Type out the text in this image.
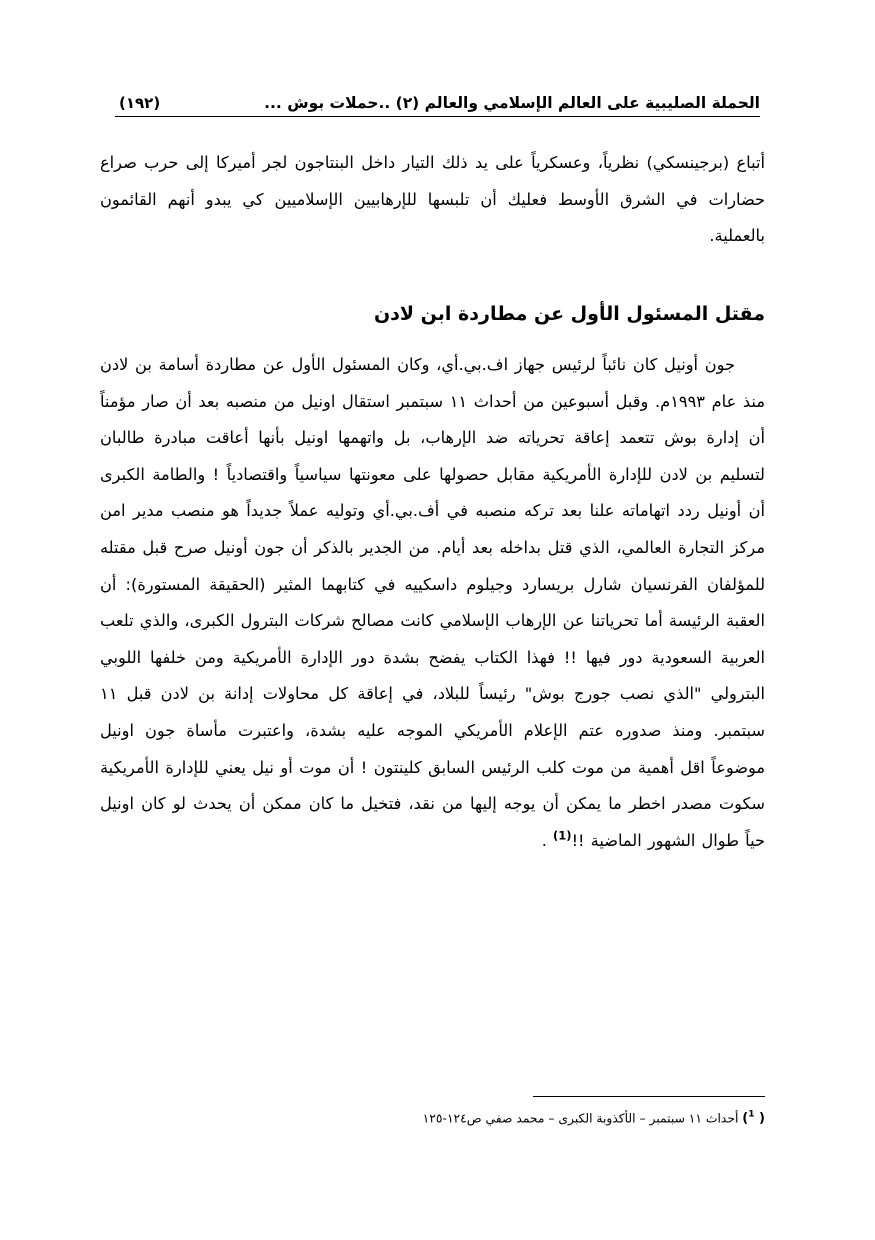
الحملة الصليبية على العالم الإسلامي والعالم (٢) ..حملات بوش ...
(١٩٢)

أتباع (برجينسكي) نظرياً، وعسكرياً على يد ذلك التيار داخل البنتاجون لجر أميركا إلى حرب صراع حضارات في الشرق الأوسط فعليك أن تلبسها للإرهابيين الإسلاميين كي يبدو أنهم القائمون بالعملية.

مقتل المسئول الأول عن مطاردة ابن لادن

جون أونيل كان نائباً لرئيس جهاز اف.بي.أي، وكان المسئول الأول عن مطاردة أسامة بن لادن منذ عام ١٩٩٣م. وقبل أسبوعين من أحداث ١١ سبتمبر استقال اونيل من منصبه بعد أن صار مؤمناً أن إدارة بوش تتعمد إعاقة تحرياته ضد الإرهاب، بل واتهمها اونيل بأنها أعاقت مبادرة طالبان لتسليم بن لادن للإدارة الأمريكية مقابل حصولها على معونتها سياسياً واقتصادياً ! والطامة الكبرى أن أونيل ردد اتهاماته علنا بعد تركه منصبه في أف.بي.أي وتوليه عملاً جديداً هو منصب مدير امن مركز التجارة العالمي، الذي قتل بداخله بعد أيام. من الجدير بالذكر أن جون أونيل صرح قبل مقتله للمؤلفان الفرنسيان شارل بريسارد وجيلوم داسكييه في كتابهما المثير (الحقيقة المستورة): أن العقبة الرئيسة أما تحرياتنا عن الإرهاب الإسلامي كانت مصالح شركات البترول الكبرى، والذي تلعب العربية السعودية دور فيها !! فهذا الكتاب يفضح بشدة دور الإدارة الأمريكية ومن خلفها اللوبي البترولي "الذي نصب جورج بوش" رئيساً للبلاد، في إعاقة كل محاولات إدانة بن لادن قبل ١١ سبتمبر. ومنذ صدوره عتم الإعلام الأمريكي الموجه عليه بشدة، واعتبرت مأساة جون اونيل موضوعاً اقل أهمية من موت كلب الرئيس السابق كلينتون ! أن موت أو نيل يعني للإدارة الأمريكية سكوت مصدر اخطر ما يمكن أن يوجه إليها من نقد، فتخيل ما كان ممكن أن يحدث لو كان اونيل حياً طوال الشهور الماضية !!$^{(1)}$ .

( $^1$) أحداث ١١ سبتمبر – الأكذوبة الكبرى – محمد صفي ص١٢٤-١٢٥
